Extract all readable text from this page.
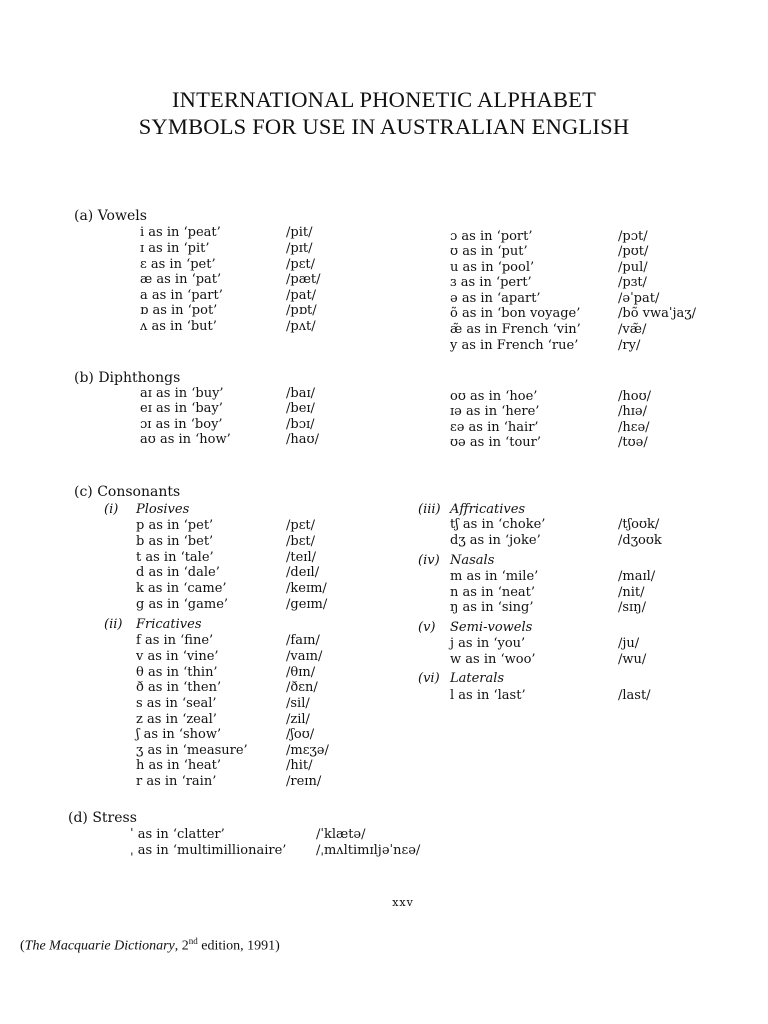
INTERNATIONAL PHONETIC ALPHABET
SYMBOLS FOR USE IN AUSTRALIAN ENGLISH
(a) Vowels
i as in ‘peat’	/pit/
ɪ as in ‘pit’	/pɪt/
ɛ as in ‘pet’	/pɛt/
æ as in ‘pat’	/pæt/
a as in ‘part’	/pat/
ɒ as in ‘pot’	/pɒt/
ʌ as in ‘but’	/pʌt/
ɔ as in ‘port’	/pɔt/
ʊ as in ‘put’	/pʊt/
u as in ‘pool’	/pul/
ɜ as in ‘pert’	/pɜt/
ə as in ‘apart’	/əˈpat/
õ as in ‘bon voyage’	/bõ vwaˈjaʒ/
æ̃ as in French ‘vin’	/væ̃/
y as in French ‘rue’	/ry/
(b) Diphthongs
aɪ as in ‘buy’	/baɪ/
eɪ as in ‘bay’	/beɪ/
ɔɪ as in ‘boy’	/bɔɪ/
aʊ as in ‘how’	/haʊ/
oʊ as in ‘hoe’	/hoʊ/
ɪə as in ‘here’	/hɪə/
ɛə as in ‘hair’	/hɛə/
ʊə as in ‘tour’	/tʊə/
(c) Consonants
(i) Plosives
p as in ‘pet’	/pɛt/
b as in ‘bet’	/bɛt/
t as in ‘tale’	/teɪl/
d as in ‘dale’	/deɪl/
k as in ‘came’	/keɪm/
g as in ‘game’	/geɪm/
(ii) Fricatives
f as in ‘fine’	/faɪn/
v as in ‘vine’	/vaɪn/
θ as in ‘thin’	/θɪn/
ð as in ‘then’	/ðɛn/
s as in ‘seal’	/sil/
z as in ‘zeal’	/zil/
ʃ as in ‘show’	/ʃoʊ/
ʒ as in ‘measure’	/mɛʒə/
h as in ‘heat’	/hit/
r as in ‘rain’	/reɪn/
(iii) Affricatives
tʃ as in ‘choke’	/tʃoʊk/
dʒ as in ‘joke’	/dʒoʊk
(iv) Nasals
m as in ‘mile’	/maɪl/
n as in ‘neat’	/nit/
ŋ as in ‘sing’	/sɪŋ/
(v) Semi-vowels
j as in ‘you’	/ju/
w as in ‘woo’	/wu/
(vi) Laterals
l as in ‘last’	/last/
(d) Stress
ˈ as in ‘clatter’	/ˈklætə/
ˌ as in ‘multimillionaire’ /ˌmʌltimɪljəˈnɛə/
xxv
(The Macquarie Dictionary, 2nd edition, 1991)
